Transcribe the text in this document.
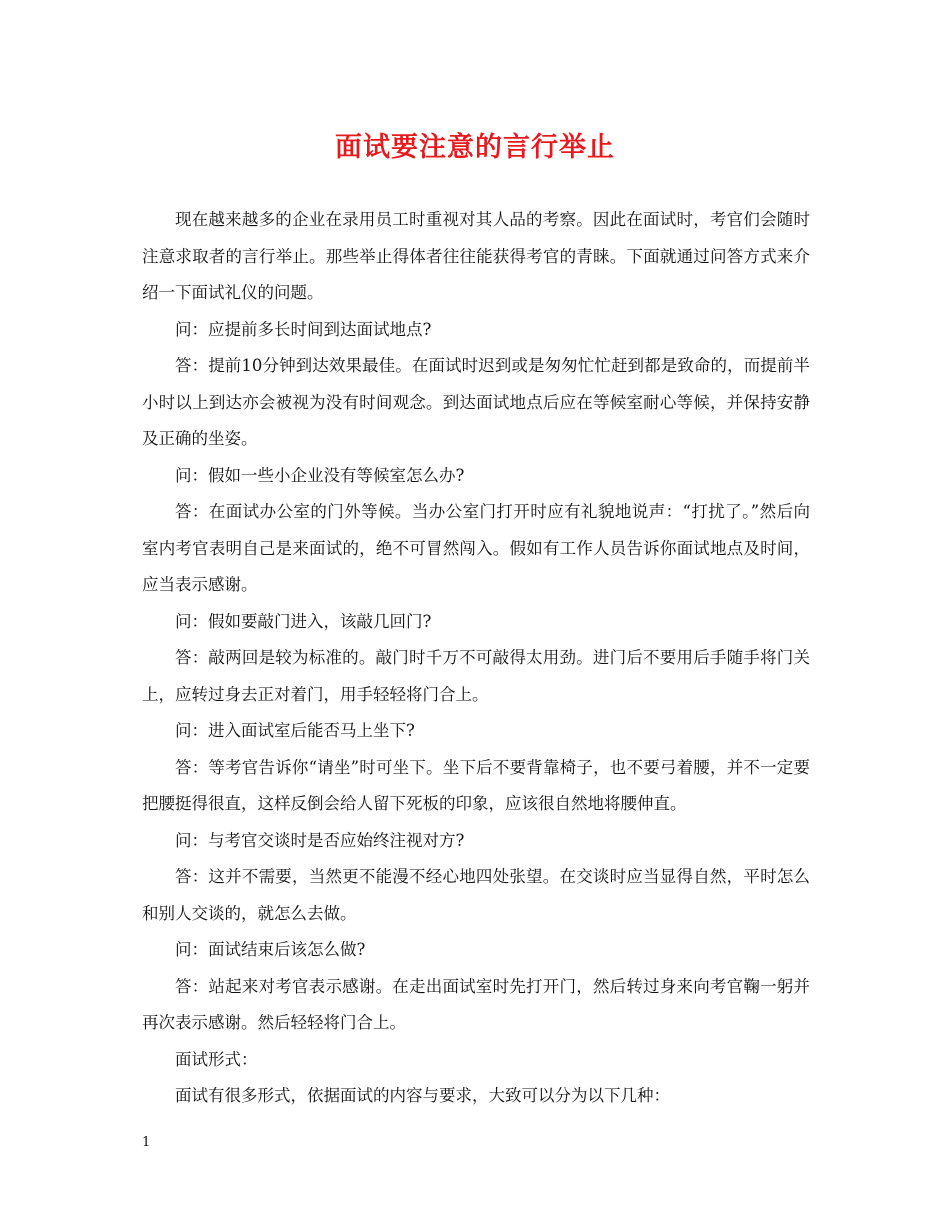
面试要注意的言行举止

现在越来越多的企业在录用员工时重视对其人品的考察。因此在面试时，考官们会随时注意求取者的言行举止。那些举止得体者往往能获得考官的青睐。下面就通过问答方式来介绍一下面试礼仪的问题。

问：应提前多长时间到达面试地点?

答：提前10分钟到达效果最佳。在面试时迟到或是匆匆忙忙赶到都是致命的，而提前半小时以上到达亦会被视为没有时间观念。到达面试地点后应在等候室耐心等候，并保持安静及正确的坐姿。

问：假如一些小企业没有等候室怎么办?

答：在面试办公室的门外等候。当办公室门打开时应有礼貌地说声：“打扰了。”然后向室内考官表明自己是来面试的，绝不可冒然闯入。假如有工作人员告诉你面试地点及时间，应当表示感谢。

问：假如要敲门进入，该敲几回门?

答：敲两回是较为标准的。敲门时千万不可敲得太用劲。进门后不要用后手随手将门关上，应转过身去正对着门，用手轻轻将门合上。

问：进入面试室后能否马上坐下?

答：等考官告诉你“请坐”时可坐下。坐下后不要背靠椅子，也不要弓着腰，并不一定要把腰挺得很直，这样反倒会给人留下死板的印象，应该很自然地将腰伸直。

问：与考官交谈时是否应始终注视对方?

答：这并不需要，当然更不能漫不经心地四处张望。在交谈时应当显得自然，平时怎么和别人交谈的，就怎么去做。

问：面试结束后该怎么做?

答：站起来对考官表示感谢。在走出面试室时先打开门，然后转过身来向考官鞠一躬并再次表示感谢。然后轻轻将门合上。

面试形式：

面试有很多形式，依据面试的内容与要求，大致可以分为以下几种：

1
